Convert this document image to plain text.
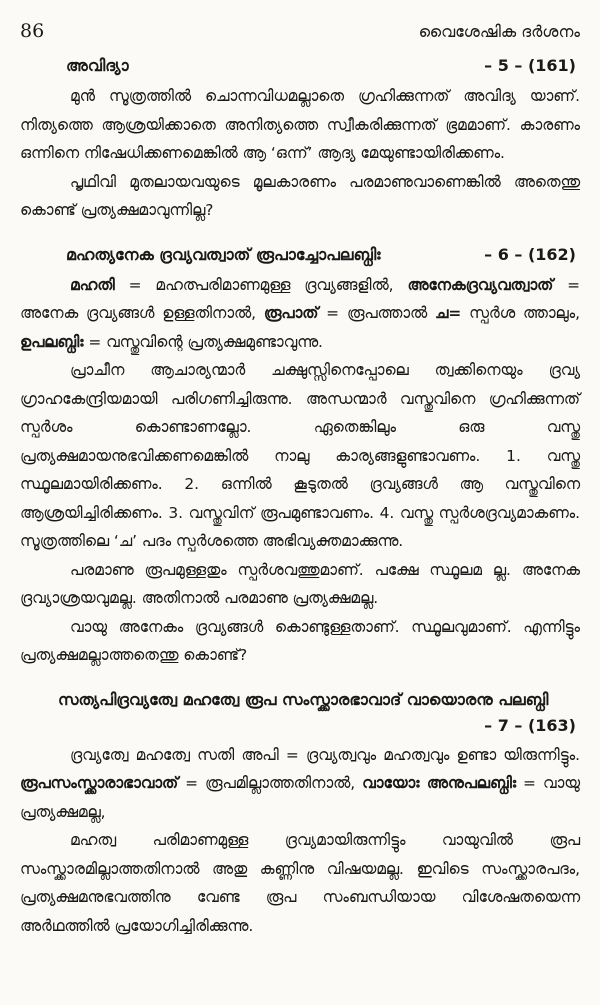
86	വൈശേഷിക ദർശനം
അവിദ്യാ	– 5 – (161)

മുൻ സൂത്രത്തിൽ ചൊന്നവിധമല്ലാതെ ഗ്രഹിക്കുന്നത് അവിദ്യ യാണ്. നിത്യത്തെ ആശ്രയിക്കാതെ അനിത്യത്തെ സ്വീകരിക്കുന്നത് ഭ്രമമാണ്. കാരണം ഒന്നിനെ നിഷേധിക്കണമെങ്കിൽ ആ ‘ഒന്ന്’ ആദ്യ മേയുണ്ടായിരിക്കണം.

പൃഥിവി മുതലായവയുടെ മൂലകാരണം പരമാണുവാണെങ്കിൽ അതെന്തു കൊണ്ട് പ്രത്യക്ഷമാവുന്നില്ല?

മഹത്യനേക ദ്രവ്യവത്വാത് രൂപാച്ചോപലബ്ധിഃ	– 6 – (162)

മഹതി = മഹത്പരിമാണമുള്ള ദ്രവ്യങ്ങളിൽ, അനേകദ്രവ്യവത്വാത് = അനേക ദ്രവ്യങ്ങൾ ഉള്ളതിനാൽ, രൂപാത് = രൂപത്താൽ ച= സ്പർശ ത്താലും, ഉപലബ്ധിഃ = വസ്തുവിന്റെ പ്രത്യക്ഷമുണ്ടാവുന്നു.

പ്രാചീന ആചാര്യന്മാർ ചക്ഷുസ്സിനെപ്പോലെ ത്വക്കിനെയും ദ്രവ്യ ഗ്രാഹകേന്ദ്രിയമായി പരിഗണിച്ചിരുന്നു. അന്ധന്മാർ വസ്തുവിനെ ഗ്രഹിക്കുന്നത് സ്പർശം കൊണ്ടാണല്ലോ. ഏതെങ്കിലും ഒരു വസ്തു പ്രത്യക്ഷമായനുഭവിക്കണമെങ്കിൽ നാലു കാര്യങ്ങളുണ്ടാവണം. 1. വസ്തു സ്ഥൂലമായിരിക്കണം. 2. ഒന്നിൽ കൂടുതൽ ദ്രവ്യങ്ങൾ ആ വസ്തുവിനെ ആശ്രയിച്ചിരിക്കണം. 3. വസ്തുവിന് രൂപമുണ്ടാവണം. 4. വസ്തു സ്പർശദ്രവ്യമാകണം. സൂത്രത്തിലെ ‘ച’ പദം സ്പർശത്തെ അഭിവ്യക്തമാക്കുന്നു.

പരമാണു രൂപമുള്ളതും സ്പർശവത്തുമാണ്. പക്ഷേ സ്ഥൂലമ ല്ല. അനേക ദ്രവ്യാശ്രയവുമല്ല. അതിനാൽ പരമാണു പ്രത്യക്ഷമല്ല.

വായു അനേകം ദ്രവ്യങ്ങൾ കൊണ്ടുള്ളതാണ്. സ്ഥൂലവുമാണ്. എന്നിട്ടും പ്രത്യക്ഷമല്ലാത്തതെന്തു കൊണ്ട്?

സത്യപിദ്രവ്യത്വേ മഹത്വേ രൂപ സംസ്ക്കാരഭാവാദ് വായൊരനു പലബ്ധി
– 7 – (163)

ദ്രവ്യത്വേ മഹത്വേ സതി അപി = ദ്രവ്യത്വവും മഹത്വവും ഉണ്ടാ യിരുന്നിട്ടും. രൂപസംസ്ക്കാരാഭാവാത് = രൂപമില്ലാത്തതിനാൽ, വായോഃ അനുപലബ്ധിഃ = വായു പ്രത്യക്ഷമല്ല,

മഹത്വ പരിമാണമുള്ള ദ്രവ്യമായിരുന്നിട്ടും വായുവിൽ രൂപ സംസ്ക്കാരമില്ലാത്തതിനാൽ അതു കണ്ണിനു വിഷയമല്ല. ഇവിടെ സംസ്ക്കാരപദം, പ്രത്യക്ഷമനുഭവത്തിനു വേണ്ട രൂപ സംബന്ധിയായ വിശേഷതയെന്ന അർഥത്തിൽ പ്രയോഗിച്ചിരിക്കുന്നു.
